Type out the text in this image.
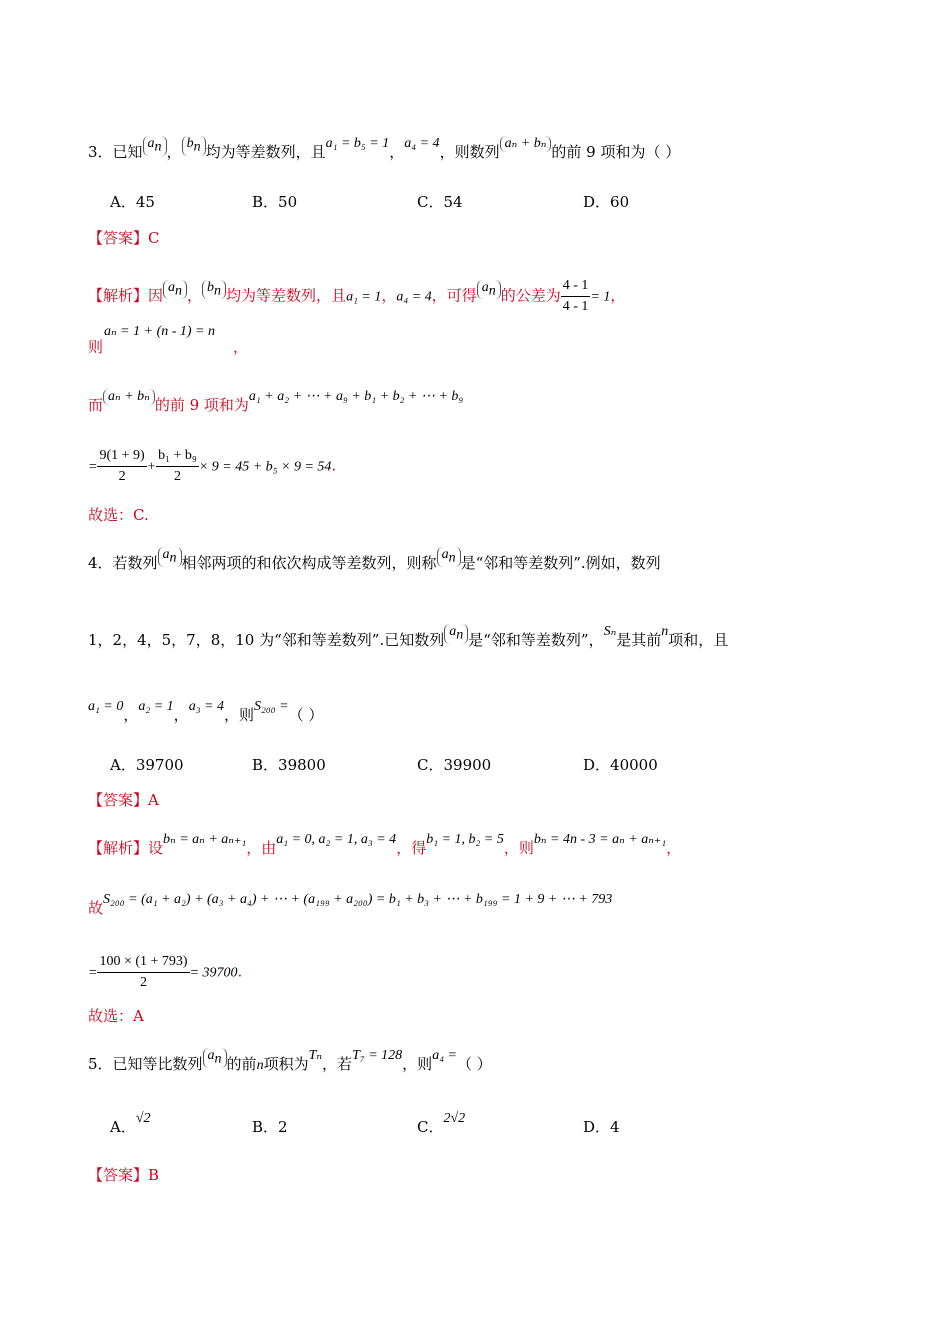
3．已知 $a_n$ ， $b_n$ 均为等差数列，且a₁ = b₅ = 1，a₄ = 4，则数列 aₙ + bₙ 的前 9 项和为（ ）
A．45	B．50	C．54	D．60
【答案】C
【解析】因 $a_n$ ， $b_n$ 均为等差数列，且a₁ = 1，a₄ = 4，可得 $a_n$ 的公差为 $\frac{4 - 1}{4 - 1} = 1$，
aₙ = 1 + (n - 1) = n
则	，
而 aₙ + bₙ 的前 9 项和为a₁ + a₂ + ⋯ + a₉ + b₁ + b₂ + ⋯ + b₉
= $\frac{9(1 + 9)}{2} + \frac{\text{b₁ + b₉}}{2} \times 9 = 45 + b_5 \times 9 = 54$.
故选：C.
4．若数列 $a_n$ 相邻两项的和依次构成等差数列，则称 $a_n$ 是“邻和等差数列”.例如，数列
1，2，4，5，7，8，10 为“邻和等差数列”.已知数列 $a_n$ 是“邻和等差数列”，Sₙ是其前n项和，且
a₁ = 0，a₂ = 1，a₃ = 4，则S₂₀₀ =（ ）
A．39700	B．39800	C．39900	D．40000
【答案】A
【解析】设bₙ = aₙ + aₙ₊₁，由a₁ = 0, a₂ = 1, a₃ = 4，得b₁ = 1, b₂ = 5，则bₙ = 4n - 3 = aₙ + aₙ₊₁，
故S₂₀₀ = (a₁ + a₂) + (a₃ + a₄) + ⋯ + (a₁₉₉ + a₂₀₀) = b₁ + b₃ + ⋯ + b₁₉₉ = 1 + 9 + ⋯ + 793
= $\frac{100 \times (1 + 793)}{2} = 39700$.
故选：A
5．已知等比数列 $a_n$ 的前n项积为Tₙ，若T₇ = 128，则a₄ =（ ）
A．√2	B．2	C．2√2	D．4
【答案】B
